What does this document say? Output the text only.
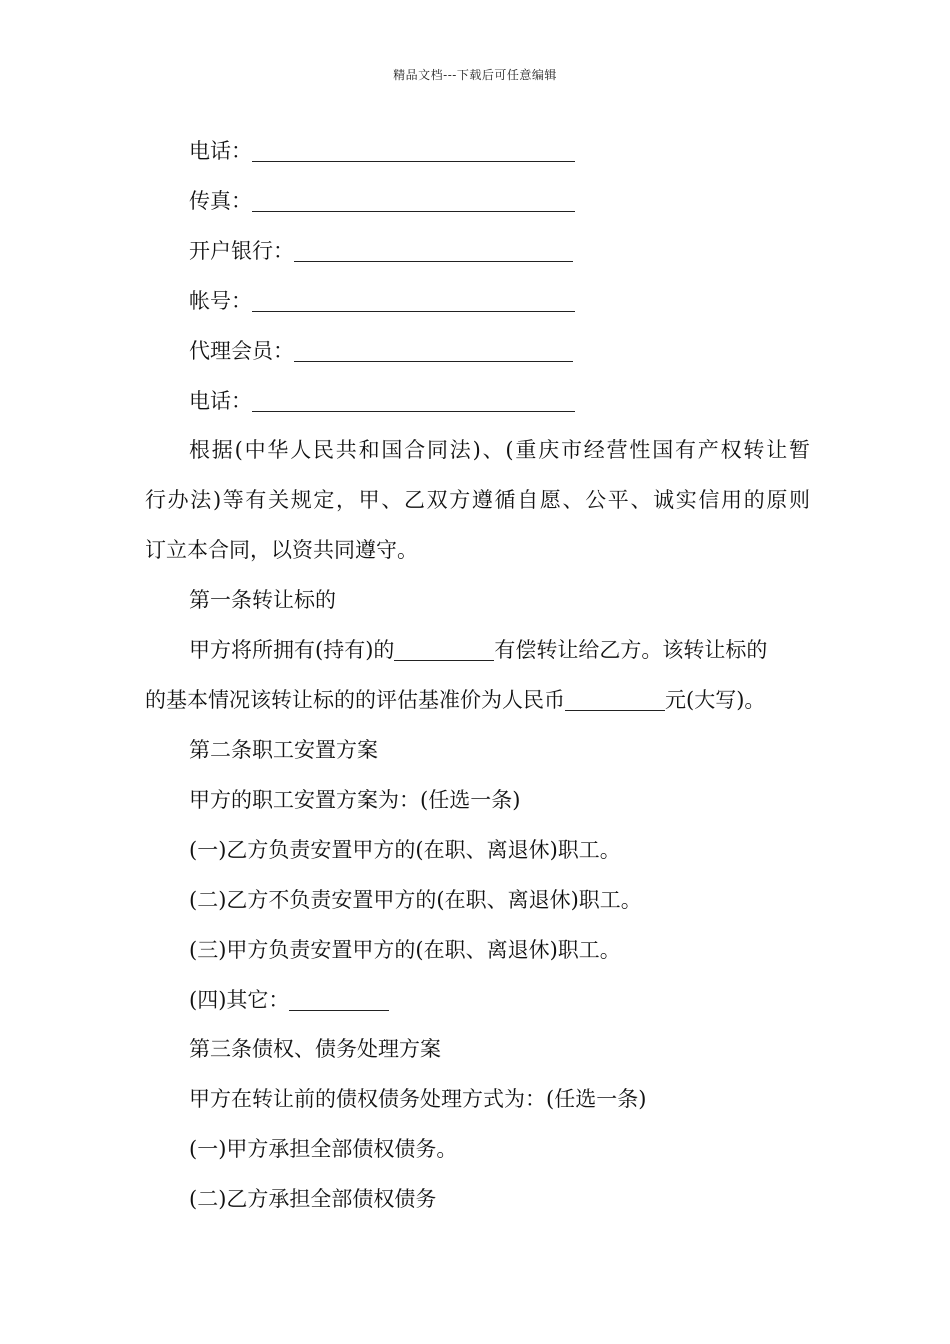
精品文档---下载后可任意编辑
电话：
传真：
开户银行：
帐号：
代理会员：
电话：
根据(中华人民共和国合同法)、(重庆市经营性国有产权转让暂
行办法)等有关规定，甲、乙双方遵循自愿、公平、诚实信用的原则
订立本合同，以资共同遵守。
第一条转让标的
甲方将所拥有(持有)的	有偿转让给乙方。该转让标的
的基本情况该转让标的的评估基准价为人民币	元(大写)。
第二条职工安置方案
甲方的职工安置方案为：(任选一条)
(一)乙方负责安置甲方的(在职、离退休)职工。
(二)乙方不负责安置甲方的(在职、离退休)职工。
(三)甲方负责安置甲方的(在职、离退休)职工。
(四)其它：
第三条债权、债务处理方案
甲方在转让前的债权债务处理方式为：(任选一条)
(一)甲方承担全部债权债务。
(二)乙方承担全部债权债务
